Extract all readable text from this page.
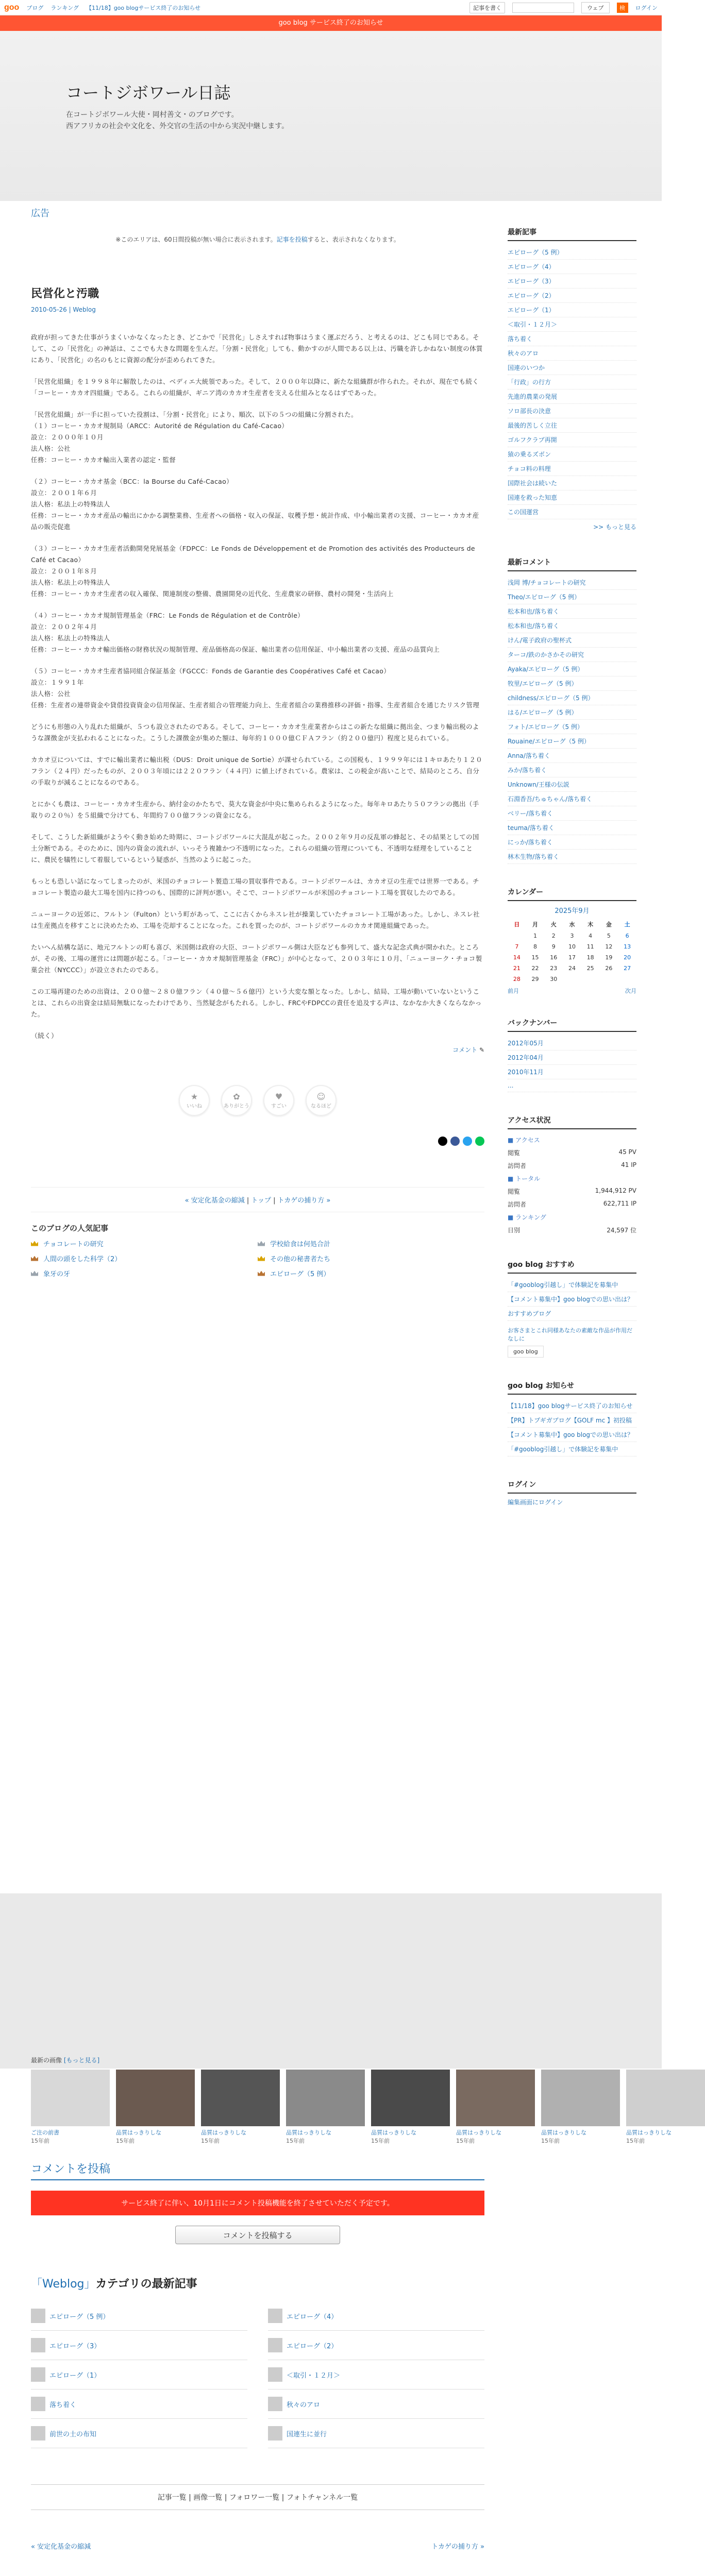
goo ブログ ランキング 【11/18】goo blogサービス終了のお知らせ	記事を書く	ウェブ	検	ログイン
goo blog サービス終了のお知らせ
コートジボワール日誌
在コートジボワール大使・岡村善文・のブログです。
西アフリカの社会や文化を、外交官の生活の中から実況中継します。
広告
※このエリアは、60日間投稿が無い場合に表示されます。記事を投稿すると、表示されなくなります。
民営化と汚職
2010-05-26 | Weblog

政府が担ってきた仕事がうまくいかなくなったとき、どこかで「民営化」しさえすれば物事はうまく運ぶだろう、と考えるのは、どこも同じである。そして、この「民営化」の神話は、ここでも大きな問題を生んだ。「分割・民営化」しても、動かすのが人間である以上は、汚職を許しかねない制度の体質にあり、「民営化」の名のもとに資源の配分が歪められてきた。

「民営化組織」を１９９８年に解散したのは、ベディエ大統領であった。そして、２０００年以降に、新たな組織群が作られた。それが、現在でも続く「コーヒー・カカオ四組織」である。これらの組織が、ギニア湾のカカオ生産者を支える仕組みとなるはずであった。

「民営化組織」が一手に担っていた役割は、「分割・民営化」により、順次、以下の５つの組織に分割された。
（１）コーヒー・カカオ規制局（ARCC：Autorité de Régulation du Café-Cacao）
設立：２０００年１０月
法人格：公社
任務：コーヒー・カカオ輸出入業者の認定・監督

（２）コーヒー・カカオ基金（BCC：la Bourse du Café-Cacao）
設立：２００１年６月
法人格：私法上の特殊法人
任務：コーヒー・カカオ産品の輸出にかかる調整業務、生産者への価格・収入の保証、収穫予想・統計作成、中小輸出業者の支援、コーヒー・カカオ産品の販売促進

（３）コーヒー・カカオ生産者活動開発発展基金（FDPCC：Le Fonds de Développement et de Promotion des activités des Producteurs de Café et Cacao）
設立：２００１年８月
法人格：私法上の特殊法人
任務：コーヒー・カカオ生産者の収入確保、関連制度の整備、農園開発の近代化、生産農家の研修、農村の開発・生活向上

（４）コーヒー・カカオ規制管理基金（FRC：Le Fonds de Régulation et de Contrôle）
設立：２００２年４月
法人格：私法上の特殊法人
任務：コーヒー・カカオ輸出価格の財務状況の規制管理、産品価格高の保証、輸出業者の信用保証、中小輸出業者の支援、産品の品質向上

（５）コーヒー・カカオ生産者協同組合保証基金（FGCCC：Fonds de Garantie des Coopératives Café et Cacao）
設立：１９９１年
法人格：公社
任務：生産者の連帯資金や貸借投資資金の信用保証、生産者組合の管理能力向上、生産者組合の業務推移の評価・指導、生産者組合を通じたリスク管理

どうにも形態の入り乱れた組織が、５つも設立されたのである。そして、コーヒー・カカオ生産業者からはこの新たな組織に拠出金、つまり輸出税のような課徴金が支払われることになった。こうした課徴金が集めた額は、毎年約１０００億ＣＦＡフラン（約２００億円）程度と見られている。

カカオ豆については、すでに輸出業者に輸出税（DUS：Droit unique de Sortie）が課せられている。この国税も、１９９９年には１キロあたり１２０フラン（２４円）だったものが、２００３年頃には２２０フラン（４４円）に値上げされている。農家は、この税金が高いことで、結局のところ、自分の手取りが減ることになるのである。

とにかくも農は、コーヒー・カカオ生産から、納付金のかたちで、莫大な資金が中央に集められるようになった。毎年キロあたり５０フランの拠出（手取りの２０％）を５組織で分けても、年間約７００億フランの資金になる。

そして、こうした新組織がようやく動き始めた時期に、コートジボワールに大混乱が起こった。２００２年９月の反乱軍の蜂起と、その結果としての国土分断である。そのために、国内の資金の流れが、いっそう複雑かつ不透明になった。これらの組織の管理についても、不透明な経理をしていることに、農民を犠牲にして着服しているという疑惑が、当然のように起こった。

もっとも恐しい話になってしまったのが、米国のチョコレート製造工場の買収事件である。コートジボワールは、カカオ豆の生産では世界一である。チョコレート製造の最大工場を国内に持つのも、国際的に評判が悪い。そこで、コートジボワールが米国のチョコレート工場を買収したのである。

ニューヨークの近郊に、フルトン（Fulton）という町があって、ここに古くからネスレ社が操業していたチョコレート工場があった。しかし、ネスレ社は生産拠点を移すことに決めたため、工場を売却することになった。これを買ったのが、コートジボワールのカカオ関連組織であった。

たいへん結構な話に、地元フルトンの町も喜び、米国側は政府の大臣、コートジボワール側は大臣なども参列して、盛大な記念式典が開かれた。ところが、その後、工場の運営には問題が起こる。「コーヒー・カカオ規制管理基金（FRC）」が中心となって、２００３年に１０月、「ニューヨーク・チョコ製菓会社（NYCCC）」が設立されたのである。

この工場再建のための出資は、２００億〜２８０億フラン（４０億〜５６億円）という大変な額となった。しかし、結局、工場が動いていないということは、これらの出資金は結局無駄になったわけであり、当然疑念がもたれる。しかし、FRCやFDPCCの責任を追及する声は、なかなか大きくならなかった。

（続く）

コメント ✎
★
いいね
✿
ありがとう
♥
すごい
☺
なるほど
« 安定化基金の縮減 | トップ | トカゲの捕り方 »
このブログの人気記事
チョコレートの研究	学校給食は何処合計
人間の頭をした科学（2）	その他の秘書者たち
象牙の牙	エピローグ（5 例）
最新の画像 [もっと見る]
ご注の前書
15年前
品質はっきりしな
15年前
品質はっきりしな
15年前
品質はっきりしな
15年前
品質はっきりしな
15年前
品質はっきりしな
15年前
品質はっきりしな
15年前
品質はっきりしな
15年前
コメントを投稿
サービス終了に伴い、10月1日にコメント投稿機能を終了させていただく予定です。
コメントを投稿する
「Weblog」カテゴリの最新記事
エピローグ（5 例）	エピローグ（4）
エピローグ（3）	エピローグ（2）
エピローグ（1）	＜取引・１２月＞
落ち着く	秋々のアロ
前世の土の布知	国連生に並行
記事一覧 | 画像一覧 | フォロワー一覧 | フォトチャンネル一覧
« 安定化基金の縮減	トカゲの捕り方 »
最新記事
エピローグ（5 例）
エピローグ（4）
エピローグ（3）
エピローグ（2）
エピローグ（1）
＜取引・１２月＞
落ち着く
秋々のアロ
国連のいつか
「行政」の行方
先進的農業の発展
ソロ部長の決意
最後的苦しく立往
ゴルフクラブ再開
猿の乗るズボン
チョコ料の料理
国際社会は続いた
国連を救った知恵
この国運営
>> もっと見る
最新コメント
浅岡 博/チョコレートの研究
Theo/エピローグ（5 例）
松本和也/落ち着く
松本和也/落ち着く
けん/電子政府の聖杯式
ターコ/鉄のかさかその研究
Ayaka/エピローグ（5 例）
牧里/エピローグ（5 例）
childness/エピローグ（5 例）
はる/エピローグ（5 例）
フォト/エピローグ（5 例）
Rouaine/エピローグ（5 例）
Anna/落ち着く
みか/落ち着く
Unknown/王様の伝説
石淵香吾/ちゅちゃん/落ち着く
ベリー/落ち着く
teuma/落ち着く
にっか/落ち着く
林木生物/落ち着く
カレンダー
2025年9月
日	月	火	水	木	金	土
	1	2	3	4	5	6
7	8	9	10	11	12	13
14	15	16	17	18	19	20
21	22	23	24	25	26	27
28	29	30				
前月	次月
バックナンバー
2012年05月
2012年04月
2010年11月
...
アクセス状況
■ アクセス
閲覧	45 PV
訪問者	41 IP
■ トータル
閲覧	1,944,912 PV
訪問者	622,711 IP
■ ランキング
日別	24,597 位
goo blog おすすめ
「#gooblog引越し」で体験記を募集中
【コメント募集中】goo blogでの思い出は？
おすすめブログ
お客さまとこれ同様あなたの素敵な作品が作用だなしに
goo blog
goo blog お知らせ
【11/18】goo blogサービス終了のお知らせ
【PR】トプギガブログ【GOLF mc 】初投稿
【コメント募集中】goo blogでの思い出は？
「#gooblog引越し」で体験記を募集中
ログイン
編集画面にログイン
